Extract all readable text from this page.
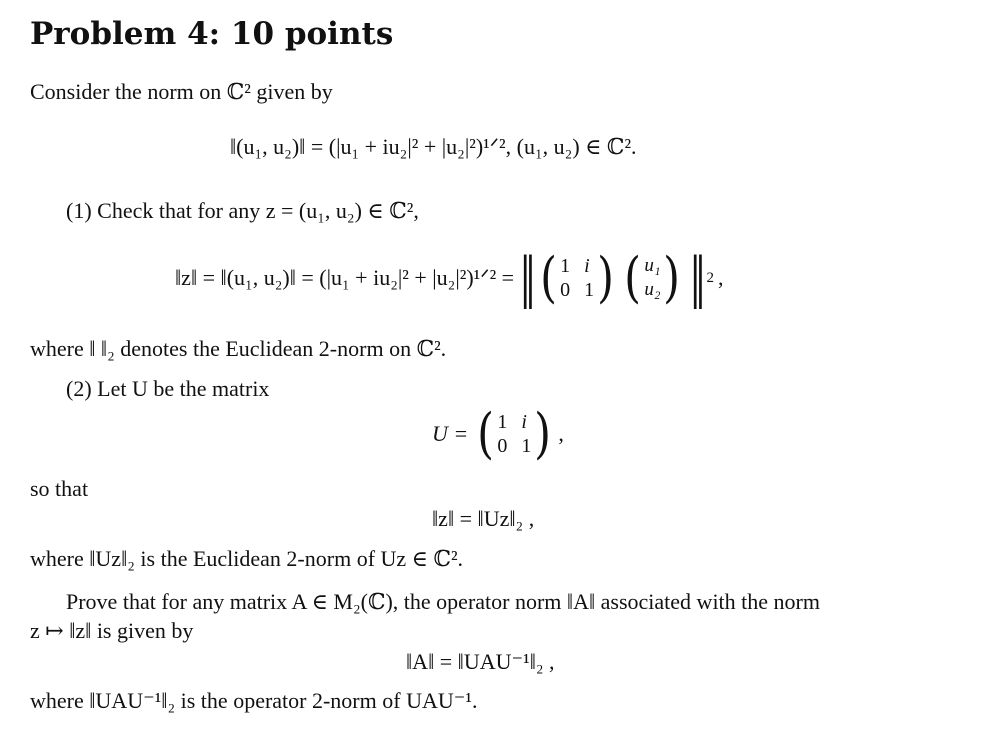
Problem 4: 10 points
Consider the norm on ℂ² given by
‖(u₁, u₂)‖ = (|u₁ + iu₂|² + |u₂|²)¹ᐟ², (u₁, u₂) ∈ ℂ².
(1) Check that for any z = (u₁, u₂) ∈ ℂ²,
‖z‖ = ‖(u₁, u₂)‖ = (|u₁ + iu₂|² + |u₂|²)¹ᐟ² = ‖ ( 1 i
0 1 ) ( u₁
u₂ ) ‖ 2 ,
where ‖ ‖₂ denotes the Euclidean 2-norm on ℂ².
(2) Let U be the matrix
U = ( 1 i
0 1 ) ,
so that
‖z‖ = ‖Uz‖₂ ,
where ‖Uz‖₂ is the Euclidean 2-norm of Uz ∈ ℂ².
Prove that for any matrix A ∈ M₂(ℂ), the operator norm ‖A‖ associated with the norm
z ↦ ‖z‖ is given by
‖A‖ = ‖UAU⁻¹‖₂ ,
where ‖UAU⁻¹‖₂ is the operator 2-norm of UAU⁻¹.
